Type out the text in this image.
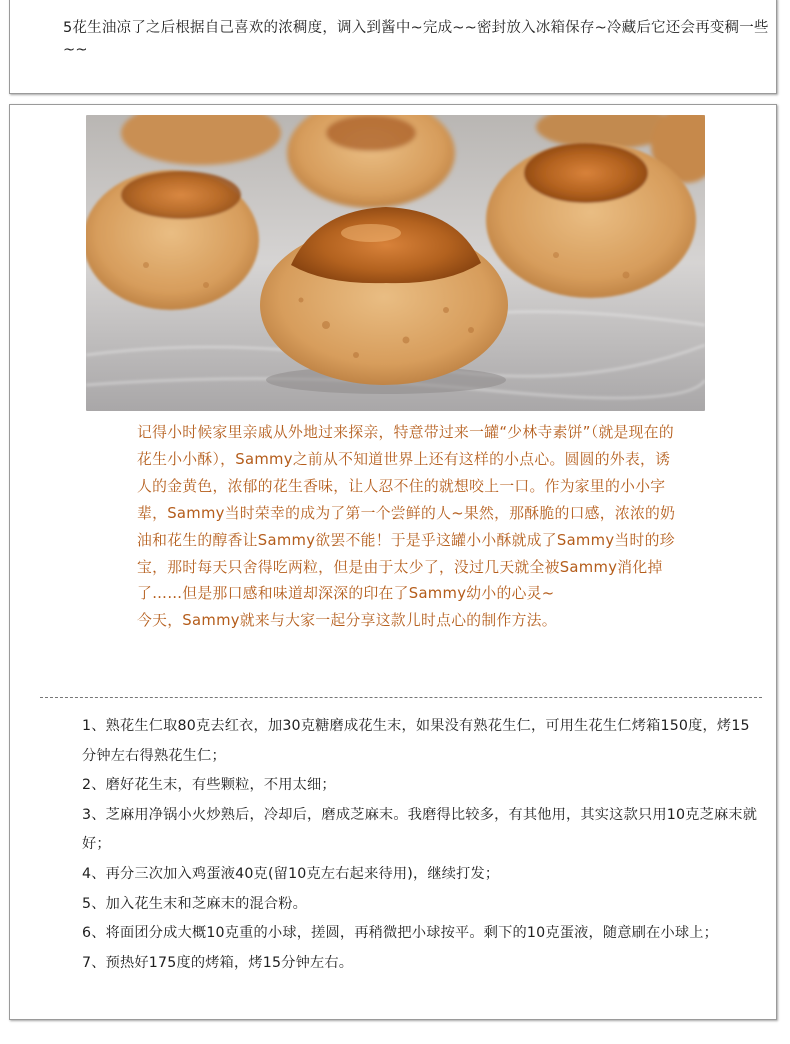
5花生油凉了之后根据自己喜欢的浓稠度，调入到酱中~完成~~密封放入冰箱保存~冷藏后它还会再变稠一些~~

记得小时候家里亲戚从外地过来探亲，特意带过来一罐“少林寺素饼”（就是现在的花生小小酥），Sammy之前从不知道世界上还有这样的小点心。圆圆的外表，诱人的金黄色，浓郁的花生香味，让人忍不住的就想咬上一口。作为家里的小小字辈，Sammy当时荣幸的成为了第一个尝鲜的人~果然，那酥脆的口感，浓浓的奶油和花生的醇香让Sammy欲罢不能！于是乎这罐小小酥就成了Sammy当时的珍宝，那时每天只舍得吃两粒，但是由于太少了，没过几天就全被Sammy消化掉了……但是那口感和味道却深深的印在了Sammy幼小的心灵~

今天，Sammy就来与大家一起分享这款儿时点心的制作方法。

1、熟花生仁取80克去红衣，加30克糖磨成花生末，如果没有熟花生仁，可用生花生仁烤箱150度，烤15分钟左右得熟花生仁；

2、磨好花生末，有些颗粒，不用太细；

3、芝麻用净锅小火炒熟后，冷却后，磨成芝麻末。我磨得比较多，有其他用，其实这款只用10克芝麻末就好；

4、再分三次加入鸡蛋液40克(留10克左右起来待用)，继续打发；

5、加入花生末和芝麻末的混合粉。

6、将面团分成大概10克重的小球，搓圆，再稍微把小球按平。剩下的10克蛋液，随意刷在小球上；

7、预热好175度的烤箱，烤15分钟左右。
